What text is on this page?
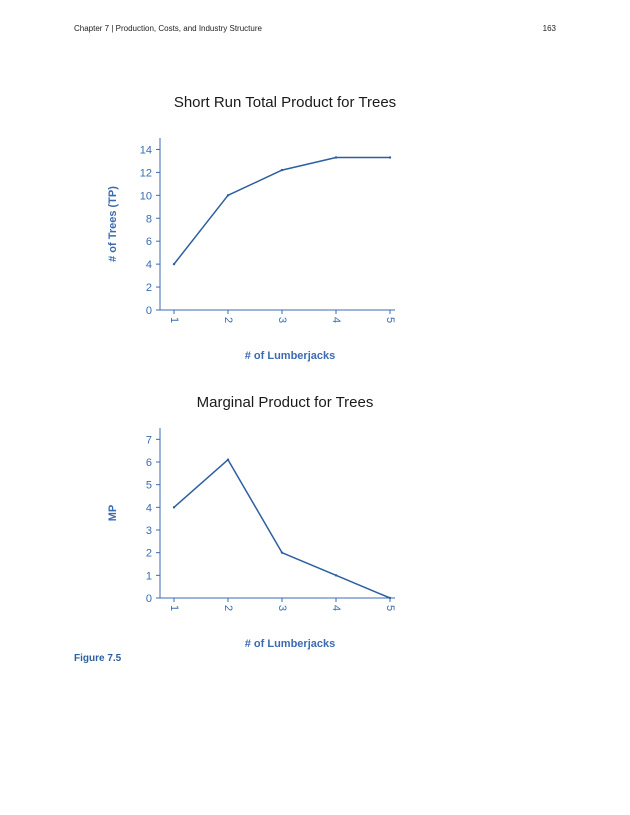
Chapter 7 | Production, Costs, and Industry Structure	163
Short Run Total Product for Trees
0
2
4
6
8
10
12
14
1	2	3	4	5
# of Lumberjacks
# of Trees (TP)
Marginal Product for Trees
0
1
2
3
4
5
6
7
1	2	3	4	5
# of Lumberjacks
MP
Figure 7.5
